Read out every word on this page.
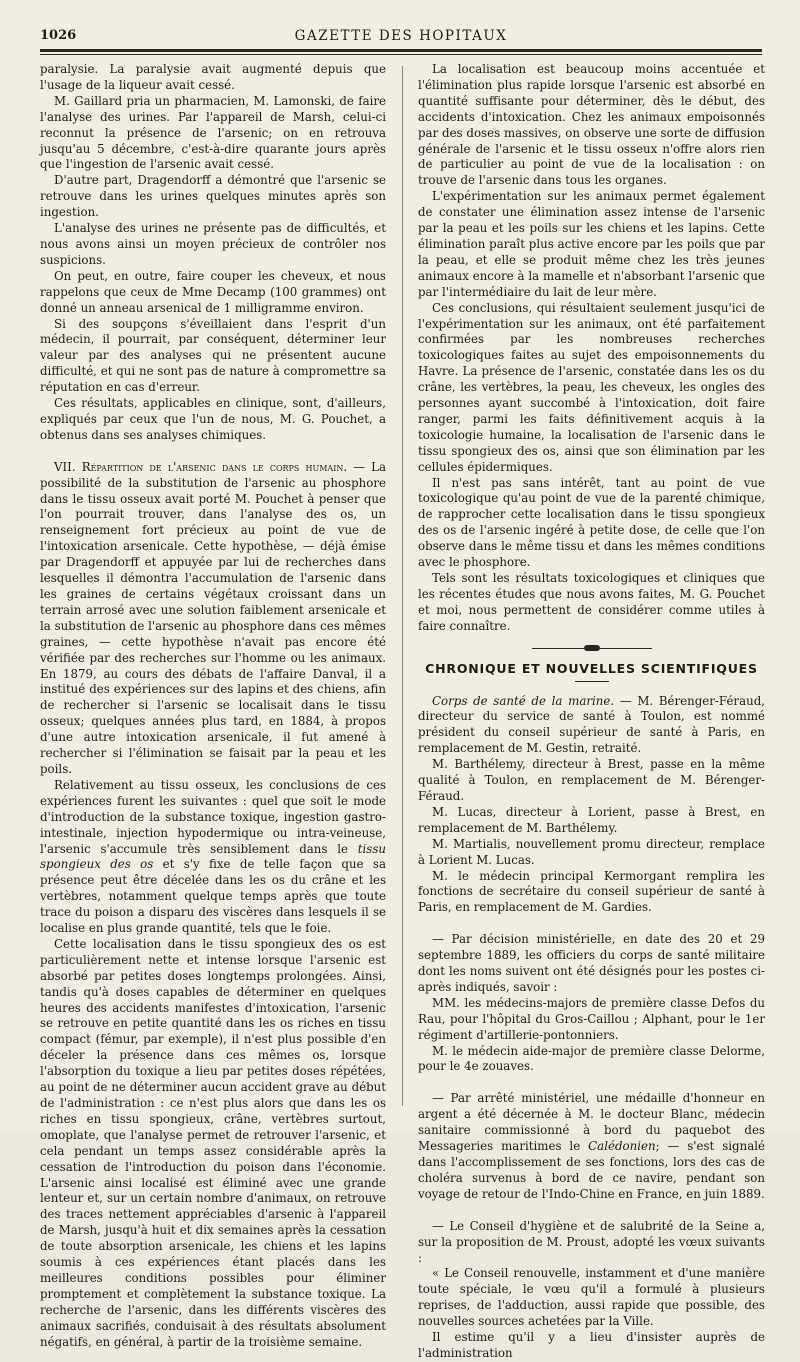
1026	GAZETTE DES HOPITAUX

paralysie. La paralysie avait augmenté depuis que l'usage de la liqueur avait cessé.

M. Gaillard pria un pharmacien, M. Lamonski, de faire l'analyse des urines. Par l'appareil de Marsh, celui-ci reconnut la présence de l'arsenic; on en retrouva jusqu'au 5 décembre, c'est-à-dire quarante jours après que l'ingestion de l'arsenic avait cessé.

D'autre part, Dragendorff a démontré que l'arsenic se retrouve dans les urines quelques minutes après son ingestion.

L'analyse des urines ne présente pas de difficultés, et nous avons ainsi un moyen précieux de contrôler nos suspicions.

On peut, en outre, faire couper les cheveux, et nous rappelons que ceux de Mme Decamp (100 grammes) ont donné un anneau arsenical de 1 milligramme environ.

Si des soupçons s'éveillaient dans l'esprit d'un médecin, il pourrait, par conséquent, déterminer leur valeur par des analyses qui ne présentent aucune difficulté, et qui ne sont pas de nature à compromettre sa réputation en cas d'erreur.

Ces résultats, applicables en clinique, sont, d'ailleurs, expliqués par ceux que l'un de nous, M. G. Pouchet, a obtenus dans ses analyses chimiques.

VII. Répartition de l'arsenic dans le corps humain. — La possibilité de la substitution de l'arsenic au phosphore dans le tissu osseux avait porté M. Pouchet à penser que l'on pourrait trouver, dans l'analyse des os, un renseignement fort précieux au point de vue de l'intoxication arsenicale. Cette hypothèse, — déjà émise par Dragendorff et appuyée par lui de recherches dans lesquelles il démontra l'accumulation de l'arsenic dans les graines de certains végétaux croissant dans un terrain arrosé avec une solution faiblement arsenicale et la substitution de l'arsenic au phosphore dans ces mêmes graines, — cette hypothèse n'avait pas encore été vérifiée par des recherches sur l'homme ou les animaux. En 1879, au cours des débats de l'affaire Danval, il a institué des expériences sur des lapins et des chiens, afin de rechercher si l'arsenic se localisait dans le tissu osseux; quelques années plus tard, en 1884, à propos d'une autre intoxication arsenicale, il fut amené à rechercher si l'élimination se faisait par la peau et les poils.

Relativement au tissu osseux, les conclusions de ces expériences furent les suivantes : quel que soit le mode d'introduction de la substance toxique, ingestion gastro-intestinale, injection hypodermique ou intra-veineuse, l'arsenic s'accumule très sensiblement dans le tissu spongieux des os et s'y fixe de telle façon que sa présence peut être décelée dans les os du crâne et les vertèbres, notamment quelque temps après que toute trace du poison a disparu des viscères dans lesquels il se localise en plus grande quantité, tels que le foie.

Cette localisation dans le tissu spongieux des os est particulièrement nette et intense lorsque l'arsenic est absorbé par petites doses longtemps prolongées. Ainsi, tandis qu'à doses capables de déterminer en quelques heures des accidents manifestes d'intoxication, l'arsenic se retrouve en petite quantité dans les os riches en tissu compact (fémur, par exemple), il n'est plus possible d'en déceler la présence dans ces mêmes os, lorsque l'absorption du toxique a lieu par petites doses répétées, au point de ne déterminer aucun accident grave au début de l'administration : ce n'est plus alors que dans les os riches en tissu spongieux, crâne, vertèbres surtout, omoplate, que l'analyse permet de retrouver l'arsenic, et cela pendant un temps assez considérable après la cessation de l'introduction du poison dans l'économie. L'arsenic ainsi localisé est éliminé avec une grande lenteur et, sur un certain nombre d'animaux, on retrouve des traces nettement appréciables d'arsenic à l'appareil de Marsh, jusqu'à huit et dix semaines après la cessation de toute absorption arsenicale, les chiens et les lapins soumis à ces expériences étant placés dans les meilleures conditions possibles pour éliminer promptement et complètement la substance toxique. La recherche de l'arsenic, dans les différents viscères des animaux sacrifiés, conduisait à des résultats absolument négatifs, en général, à partir de la troisième semaine.

La localisation est beaucoup moins accentuée et l'élimination plus rapide lorsque l'arsenic est absorbé en quantité suffisante pour déterminer, dès le début, des accidents d'intoxication. Chez les animaux empoisonnés par des doses massives, on observe une sorte de diffusion générale de l'arsenic et le tissu osseux n'offre alors rien de particulier au point de vue de la localisation : on trouve de l'arsenic dans tous les organes.

L'expérimentation sur les animaux permet également de constater une élimination assez intense de l'arsenic par la peau et les poils sur les chiens et les lapins. Cette élimination paraît plus active encore par les poils que par la peau, et elle se produit même chez les très jeunes animaux encore à la mamelle et n'absorbant l'arsenic que par l'intermédiaire du lait de leur mère.

Ces conclusions, qui résultaient seulement jusqu'ici de l'expérimentation sur les animaux, ont été parfaitement confirmées par les nombreuses recherches toxicologiques faites au sujet des empoisonnements du Havre. La présence de l'arsenic, constatée dans les os du crâne, les vertèbres, la peau, les cheveux, les ongles des personnes ayant succombé à l'intoxication, doit faire ranger, parmi les faits définitivement acquis à la toxicologie humaine, la localisation de l'arsenic dans le tissu spongieux des os, ainsi que son élimination par les cellules épidermiques.

Il n'est pas sans intérêt, tant au point de vue toxicologique qu'au point de vue de la parenté chimique, de rapprocher cette localisation dans le tissu spongieux des os de l'arsenic ingéré à petite dose, de celle que l'on observe dans le même tissu et dans les mêmes conditions avec le phosphore.

Tels sont les résultats toxicologiques et cliniques que les récentes études que nous avons faites, M. G. Pouchet et moi, nous permettent de considérer comme utiles à faire connaître.

CHRONIQUE ET NOUVELLES SCIENTIFIQUES

Corps de santé de la marine. — M. Bérenger-Féraud, directeur du service de santé à Toulon, est nommé président du conseil supérieur de santé à Paris, en remplacement de M. Gestin, retraité.

M. Barthélemy, directeur à Brest, passe en la même qualité à Toulon, en remplacement de M. Bérenger-Féraud.

M. Lucas, directeur à Lorient, passe à Brest, en remplacement de M. Barthélemy.

M. Martialis, nouvellement promu directeur, remplace à Lorient M. Lucas.

M. le médecin principal Kermorgant remplira les fonctions de secrétaire du conseil supérieur de santé à Paris, en remplacement de M. Gardies.

— Par décision ministérielle, en date des 20 et 29 septembre 1889, les officiers du corps de santé militaire dont les noms suivent ont été désignés pour les postes ci-après indiqués, savoir :

MM. les médecins-majors de première classe Defos du Rau, pour l'hôpital du Gros-Caillou ; Alphant, pour le 1er régiment d'artillerie-pontonniers.

M. le médecin aide-major de première classe Delorme, pour le 4e zouaves.

— Par arrêté ministériel, une médaille d'honneur en argent a été décernée à M. le docteur Blanc, médecin sanitaire commissionné à bord du paquebot des Messageries maritimes le Calédonien; — s'est signalé dans l'accomplissement de ses fonctions, lors des cas de choléra survenus à bord de ce navire, pendant son voyage de retour de l'Indo-Chine en France, en juin 1889.

— Le Conseil d'hygiène et de salubrité de la Seine a, sur la proposition de M. Proust, adopté les vœux suivants :

« Le Conseil renouvelle, instamment et d'une manière toute spéciale, le vœu qu'il a formulé à plusieurs reprises, de l'adduction, aussi rapide que possible, des nouvelles sources achetées par la Ville.

Il estime qu'il y a lieu d'insister auprès de l'administration
